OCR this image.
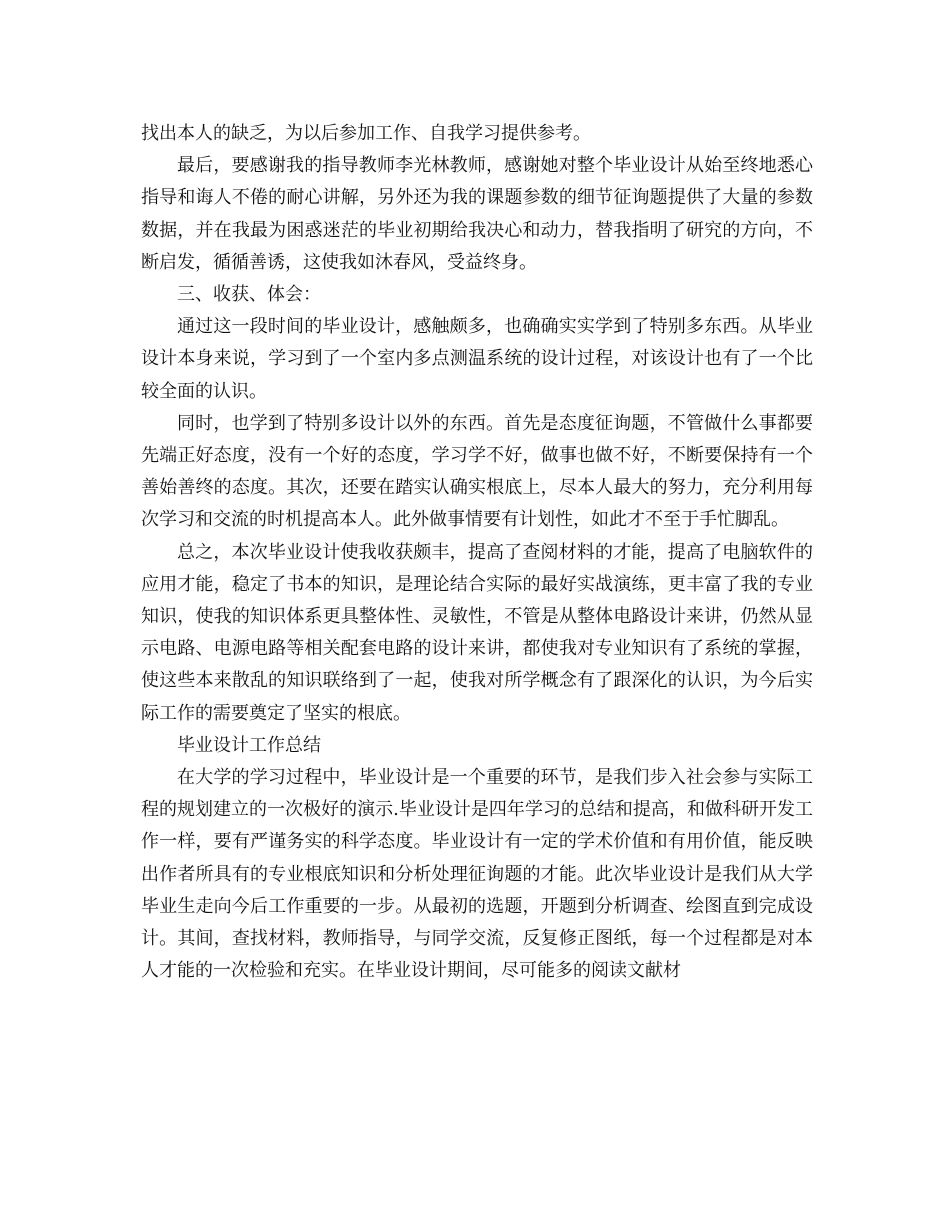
找出本人的缺乏，为以后参加工作、自我学习提供参考。

最后，要感谢我的指导教师李光林教师，感谢她对整个毕业设计从始至终地悉心指导和诲人不倦的耐心讲解，另外还为我的课题参数的细节征询题提供了大量的参数数据，并在我最为困惑迷茫的毕业初期给我决心和动力，替我指明了研究的方向，不断启发，循循善诱，这使我如沐春风，受益终身。

三、收获、体会：

通过这一段时间的毕业设计，感触颇多，也确确实实学到了特别多东西。从毕业设计本身来说，学习到了一个室内多点测温系统的设计过程，对该设计也有了一个比较全面的认识。

同时，也学到了特别多设计以外的东西。首先是态度征询题，不管做什么事都要先端正好态度，没有一个好的态度，学习学不好，做事也做不好，不断要保持有一个善始善终的态度。其次，还要在踏实认确实根底上，尽本人最大的努力，充分利用每次学习和交流的时机提高本人。此外做事情要有计划性，如此才不至于手忙脚乱。

总之，本次毕业设计使我收获颇丰，提高了查阅材料的才能，提高了电脑软件的应用才能，稳定了书本的知识，是理论结合实际的最好实战演练，更丰富了我的专业知识，使我的知识体系更具整体性、灵敏性，不管是从整体电路设计来讲，仍然从显示电路、电源电路等相关配套电路的设计来讲，都使我对专业知识有了系统的掌握，使这些本来散乱的知识联络到了一起，使我对所学概念有了跟深化的认识，为今后实际工作的需要奠定了坚实的根底。

毕业设计工作总结

在大学的学习过程中，毕业设计是一个重要的环节，是我们步入社会参与实际工程的规划建立的一次极好的演示.毕业设计是四年学习的总结和提高，和做科研开发工作一样，要有严谨务实的科学态度。毕业设计有一定的学术价值和有用价值，能反映出作者所具有的专业根底知识和分析处理征询题的才能。此次毕业设计是我们从大学毕业生走向今后工作重要的一步。从最初的选题，开题到分析调查、绘图直到完成设计。其间，查找材料，教师指导，与同学交流，反复修正图纸，每一个过程都是对本人才能的一次检验和充实。在毕业设计期间，尽可能多的阅读文献材
